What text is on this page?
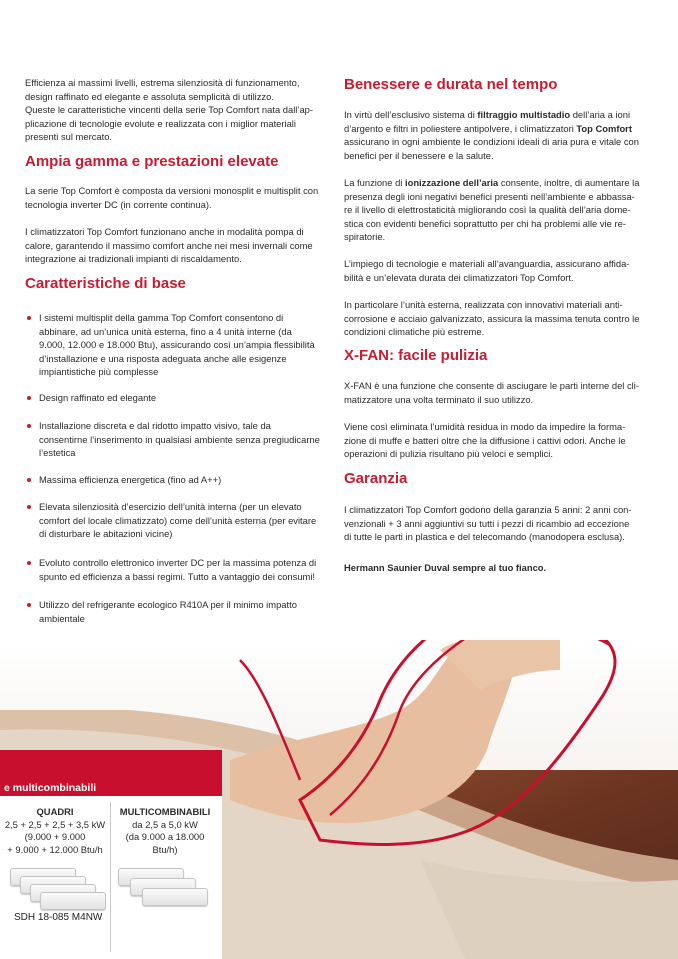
Efficienza ai massimi livelli, estrema silenziosità di funzionamento,

design raffinato ed elegante e assoluta semplicità di utilizzo.

Queste le caratteristiche vincenti della serie Top Comfort nata dall’ap-

plicazione di tecnologie evolute e realizzata con i miglior materiali

presenti sul mercato.

Ampia gamma e prestazioni elevate

La serie Top Comfort è composta da versioni monosplit e multisplit con

tecnologia inverter DC (in corrente continua).

I climatizzatori Top Comfort funzionano anche in modalità pompa di

calore, garantendo il massimo comfort anche nei mesi invernali come

integrazione ai tradizionali impianti di riscaldamento.

Caratteristiche di base
I sistemi multisplit della gamma Top Comfort consentono di
abbinare, ad un’unica unità esterna, fino a 4 unità interne (da
9.000, 12.000 e 18.000 Btu), assicurando così un’ampia flessibilità
d’installazione e una risposta adeguata anche alle esigenze
impiantistiche più complesse
Design raffinato ed elegante
Installazione discreta e dal ridotto impatto visivo, tale da
consentirne l’inserimento in qualsiasi ambiente senza pregiudicarne
l’estetica
Massima efficienza energetica (fino ad A++)
Elevata silenziosità d’esercizio dell’unità interna (per un elevato
comfort del locale climatizzato) come dell’unità esterna (per evitare
di disturbare le abitazioni vicine)
Evoluto controllo elettronico inverter DC per la massima potenza di
spunto ed efficienza a bassi regimi. Tutto a vantaggio dei consumi!
Utilizzo del refrigerante ecologico R410A per il minimo impatto
ambientale
Benessere e durata nel tempo

In virtù dell’esclusivo sistema di filtraggio multistadio dell’aria a ioni

d’argento e filtri in poliestere antipolvere, i climatizzatori Top Comfort

assicurano in ogni ambiente le condizioni ideali di aria pura e vitale con

benefici per il benessere e la salute.

La funzione di ionizzazione dell’aria consente, inoltre, di aumentare la

presenza degli ioni negativi benefici presenti nell’ambiente e abbassa-

re il livello di elettrostaticità migliorando così la qualità dell’aria dome-

stica con evidenti benefici soprattutto per chi ha problemi alle vie re-

spiratorie.

L’impiego di tecnologie e materiali all’avanguardia, assicurano affida-

bilità e un’elevata durata dei climatizzatori Top Comfort.

In particolare l’unità esterna, realizzata con innovativi materiali anti-

corrosione e acciaio galvanizzato, assicura la massima tenuta contro le

condizioni climatiche più estreme.

X-FAN: facile pulizia

X-FAN è una funzione che consente di asciugare le parti interne del cli-

matizzatore una volta terminato il suo utilizzo.

Viene così eliminata l’umidità residua in modo da impedire la forma-

zione di muffe e batteri oltre che la diffusione i cattivi odori. Anche le

operazioni di pulizia risultano più veloci e semplici.

Garanzia

I climatizzatori Top Comfort godono della garanzia 5 anni: 2 anni con-

venzionali + 3 anni aggiuntivi su tutti i pezzi di ricambio ad eccezione

di tutte le parti in plastica e del telecomando (manodopera esclusa).

Hermann Saunier Duval sempre al tuo fianco.

e multicombinabili
QUADRI
2,5 + 2,5 + 2,5 + 3,5 kW
(9.000 + 9.000
+ 9.000 + 12.000 Btu/h
MULTICOMBINABILI
da 2,5 a 5,0 kW
(da 9.000 a 18.000
Btu/h)
SDH 18-085 M4NW
